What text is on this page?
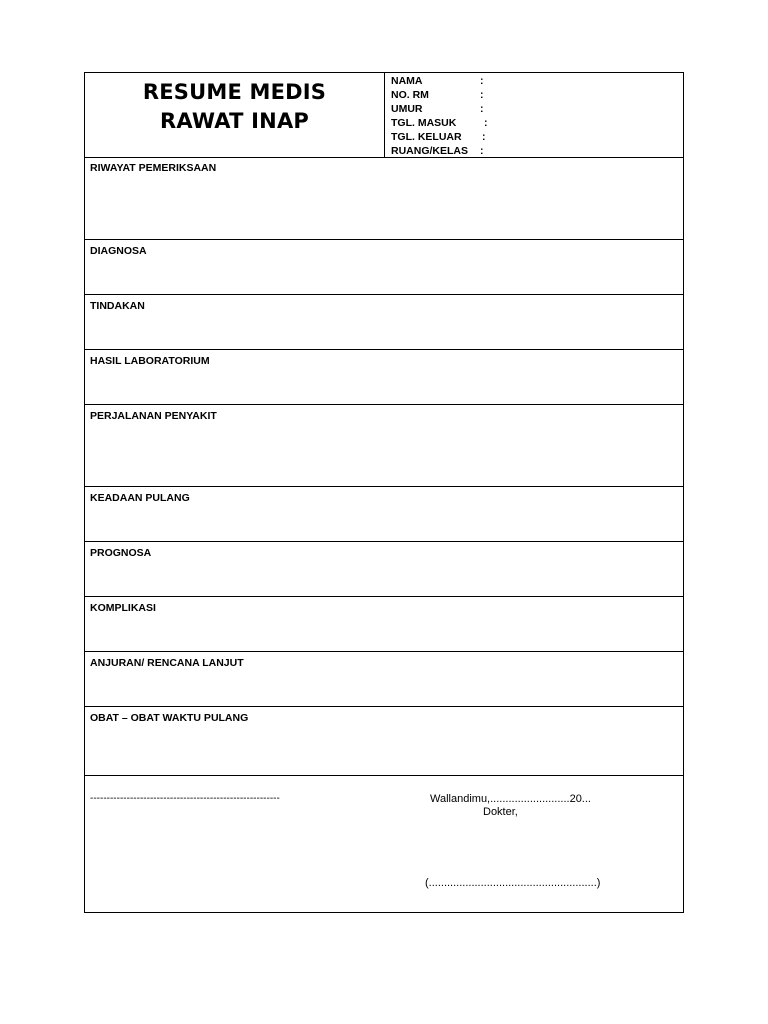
RESUME MEDIS
RAWAT INAP
NAMA	:
NO. RM	:
UMUR	:
TGL. MASUK	:
TGL. KELUAR :
RUANG/KELAS :
RIWAYAT PEMERIKSAAN
DIAGNOSA
TINDAKAN
HASIL LABORATORIUM
PERJALANAN PENYAKIT
KEADAAN PULANG
PROGNOSA
KOMPLIKASI
ANJURAN/ RENCANA LANJUT
OBAT – OBAT WAKTU PULANG
---------------------------------------------------------	Wallandimu,..........................20...
Dokter,
(.......................................................)
